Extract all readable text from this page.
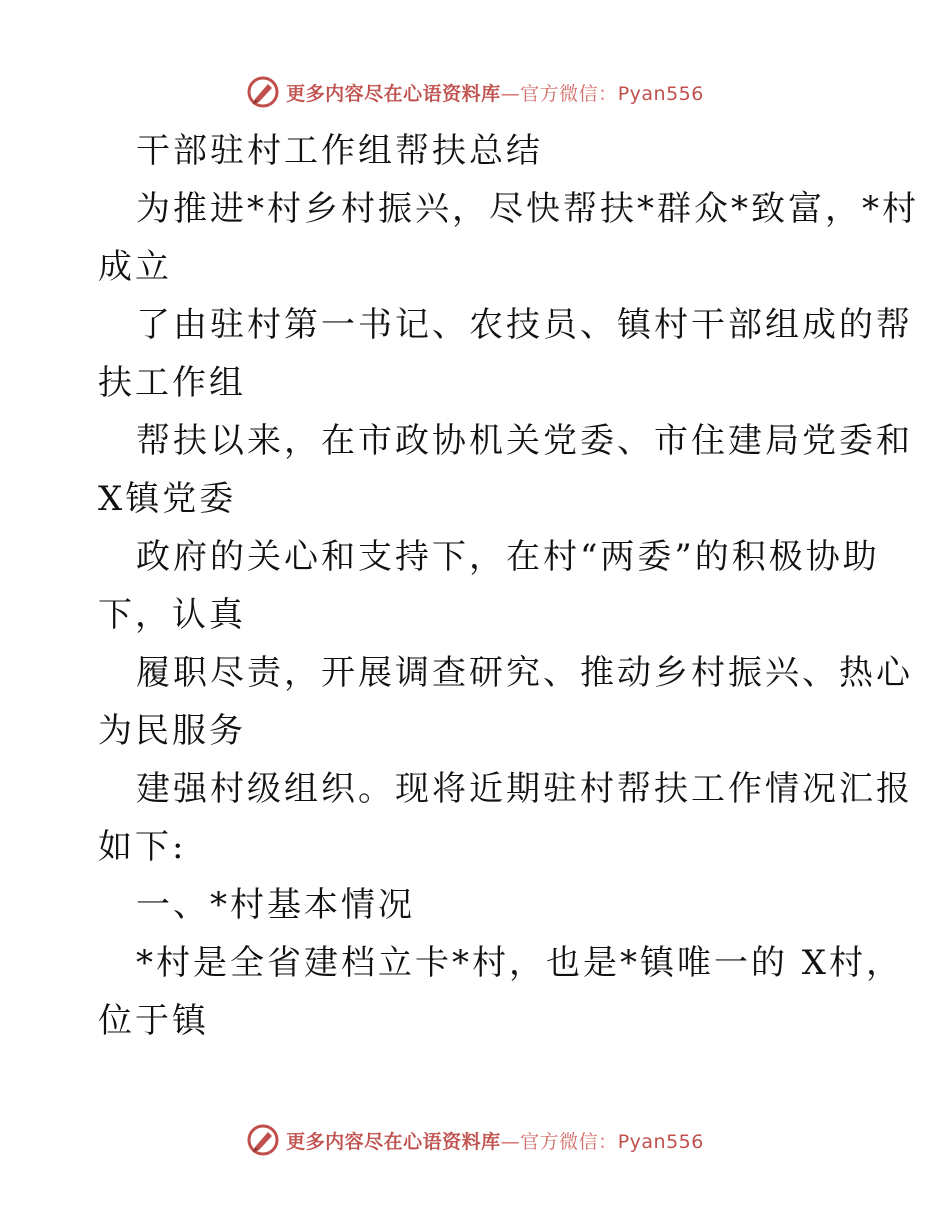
更多内容尽在心语资料库—官方微信：Pyan556
干部驻村工作组帮扶总结
为推进*村乡村振兴，尽快帮扶*群众*致富，*村
成立
了由驻村第一书记、农技员、镇村干部组成的帮
扶工作组
帮扶以来，在市政协机关党委、市住建局党委和
X镇党委
政府的关心和支持下，在村“两委”的积极协助
下，认真
履职尽责，开展调查研究、推动乡村振兴、热心
为民服务
建强村级组织。现将近期驻村帮扶工作情况汇报
如下:
一、*村基本情况
*村是全省建档立卡*村，也是*镇唯一的 X村，
位于镇
更多内容尽在心语资料库—官方微信：Pyan556
